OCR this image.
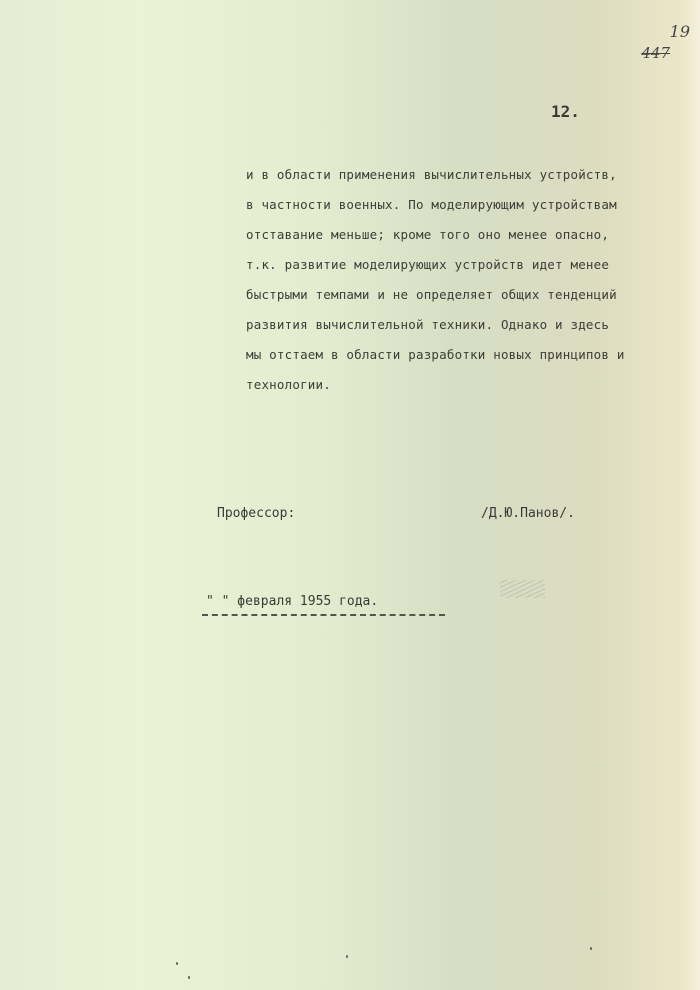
19
447
12.
и в области применения вычислительных устройств,
в частности военных. По моделирующим устройствам
отставание меньше; кроме того оно менее опасно,
т.к. развитие моделирующих устройств идет менее
быстрыми темпами и не определяет общих тенденций
развития вычислительной техники. Однако и здесь
мы отстаем в области разработки новых принципов и
технологии.
Профессор:	/Д.Ю.Панов/.
" " февраля 1955 года.
